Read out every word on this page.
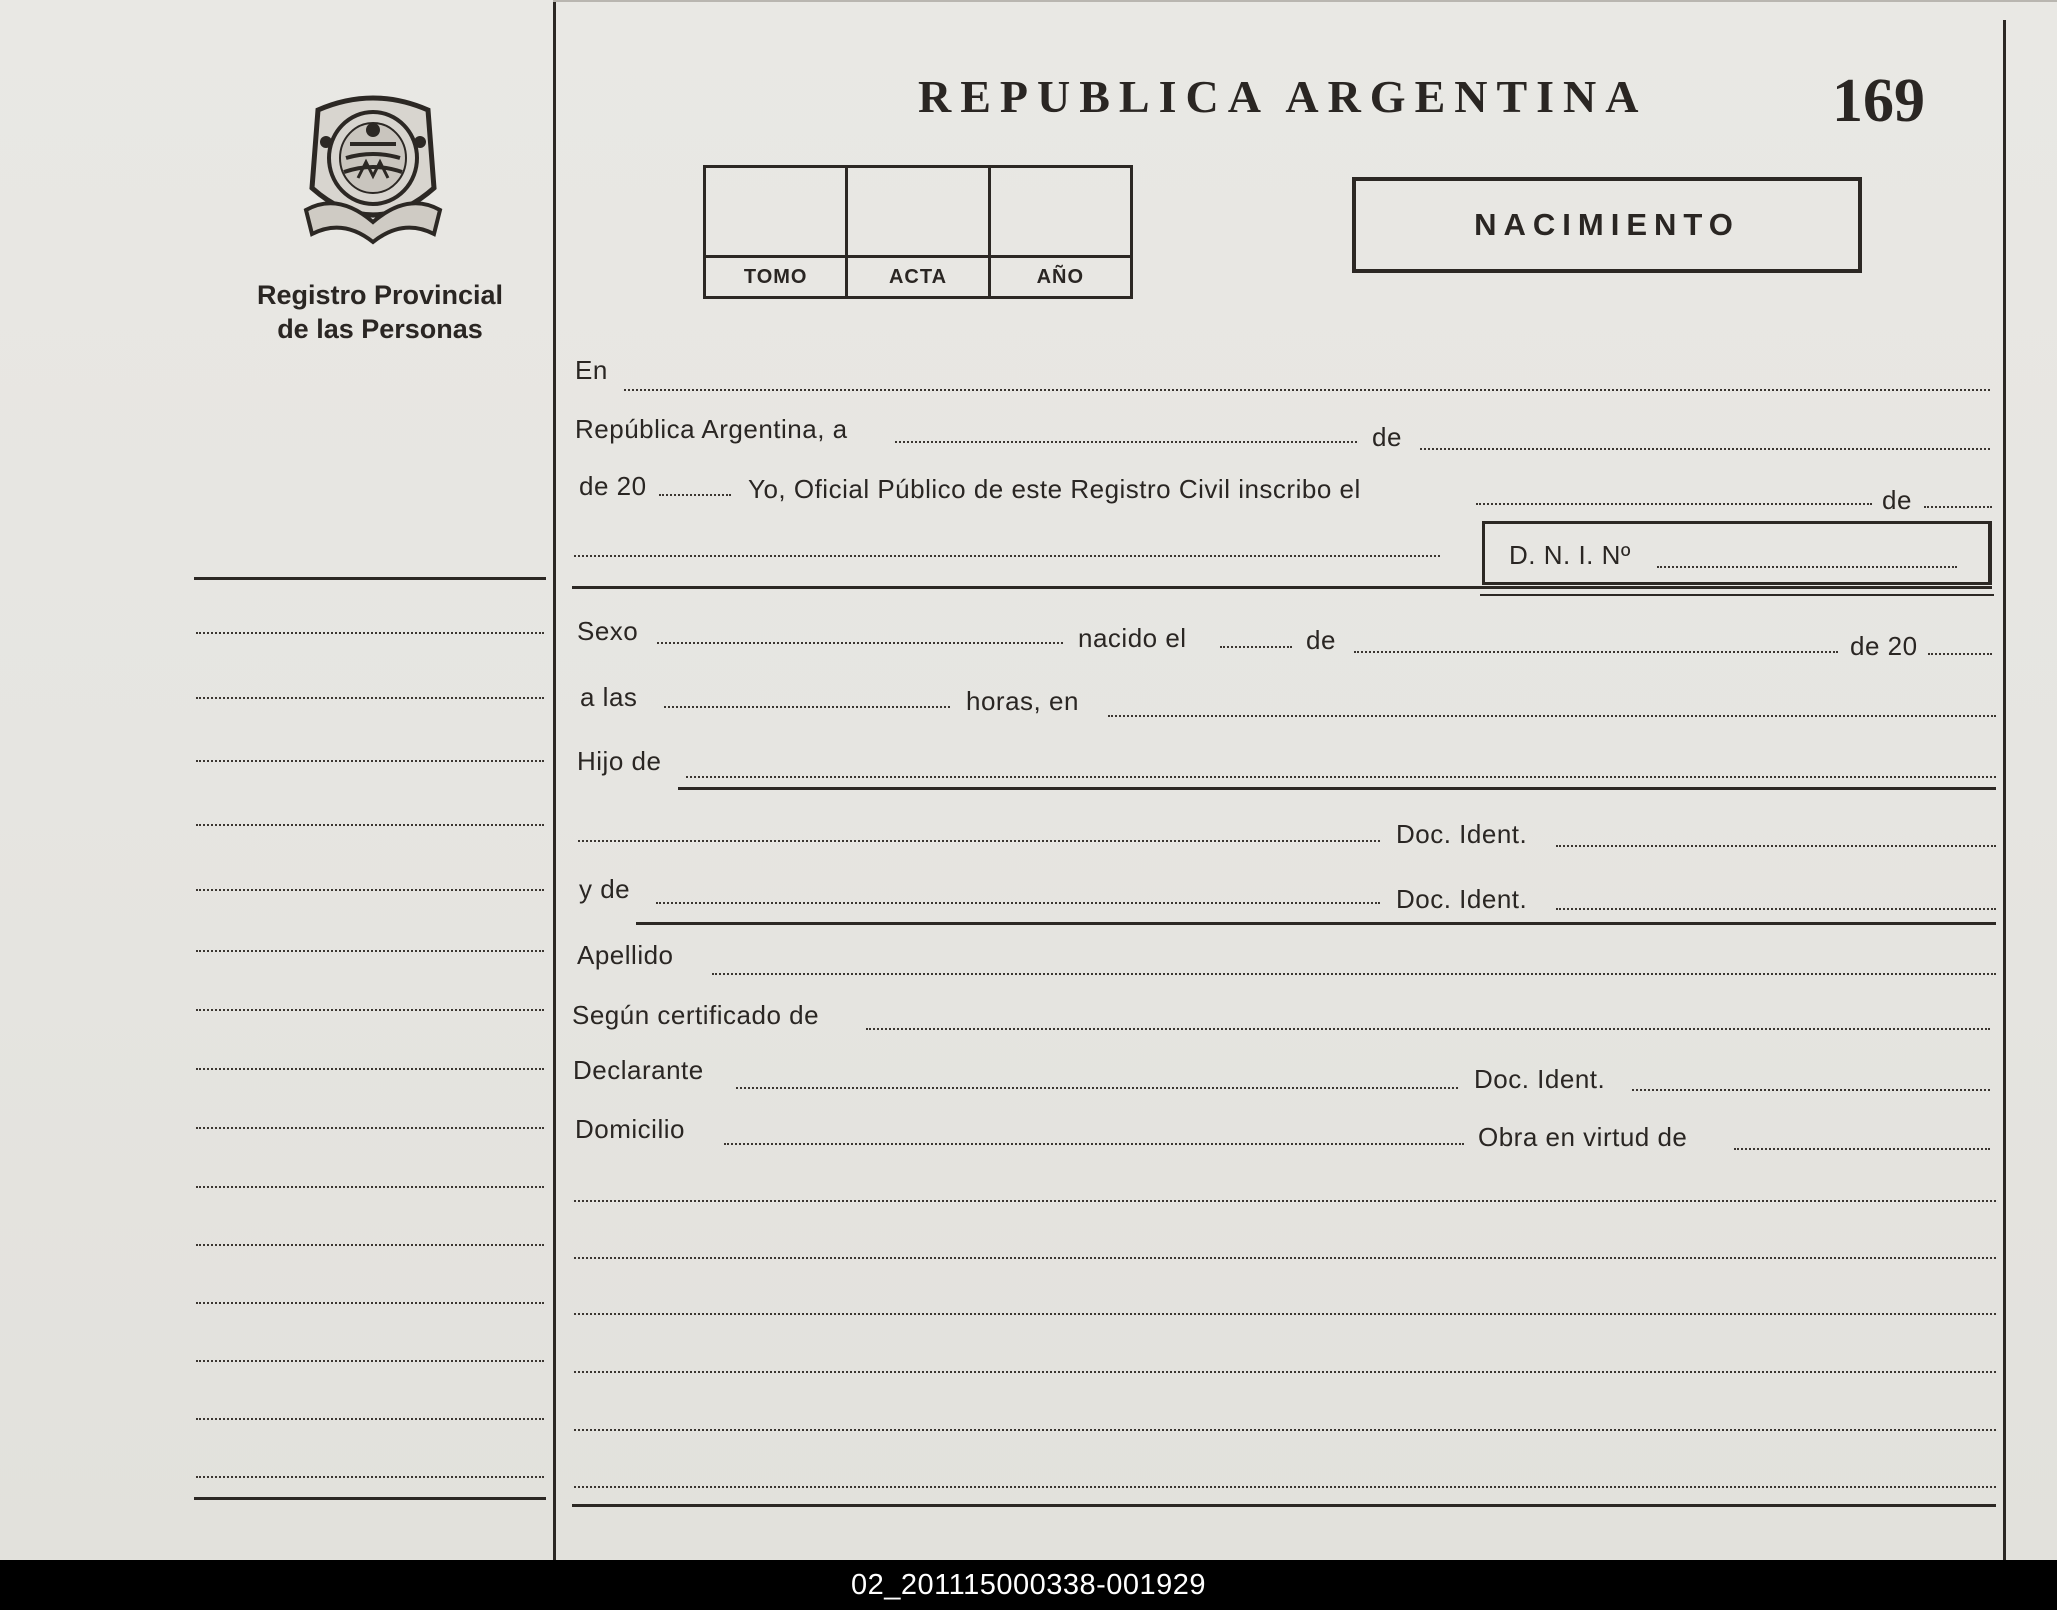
Registro Provincial
de las Personas
REPUBLICA ARGENTINA	169
TOMO	ACTA	AÑO
NACIMIENTO
En
República Argentina, a	de
de 20	Yo, Oficial Público de este Registro Civil inscribo el	de
D. N. I. Nº
Sexo	nacido el	de	de 20
a las	horas, en
Hijo de
Doc. Ident.
y de	Doc. Ident.
Apellido
Según certificado de
Declarante	Doc. Ident.
Domicilio	Obra en virtud de
02_201115000338-001929
